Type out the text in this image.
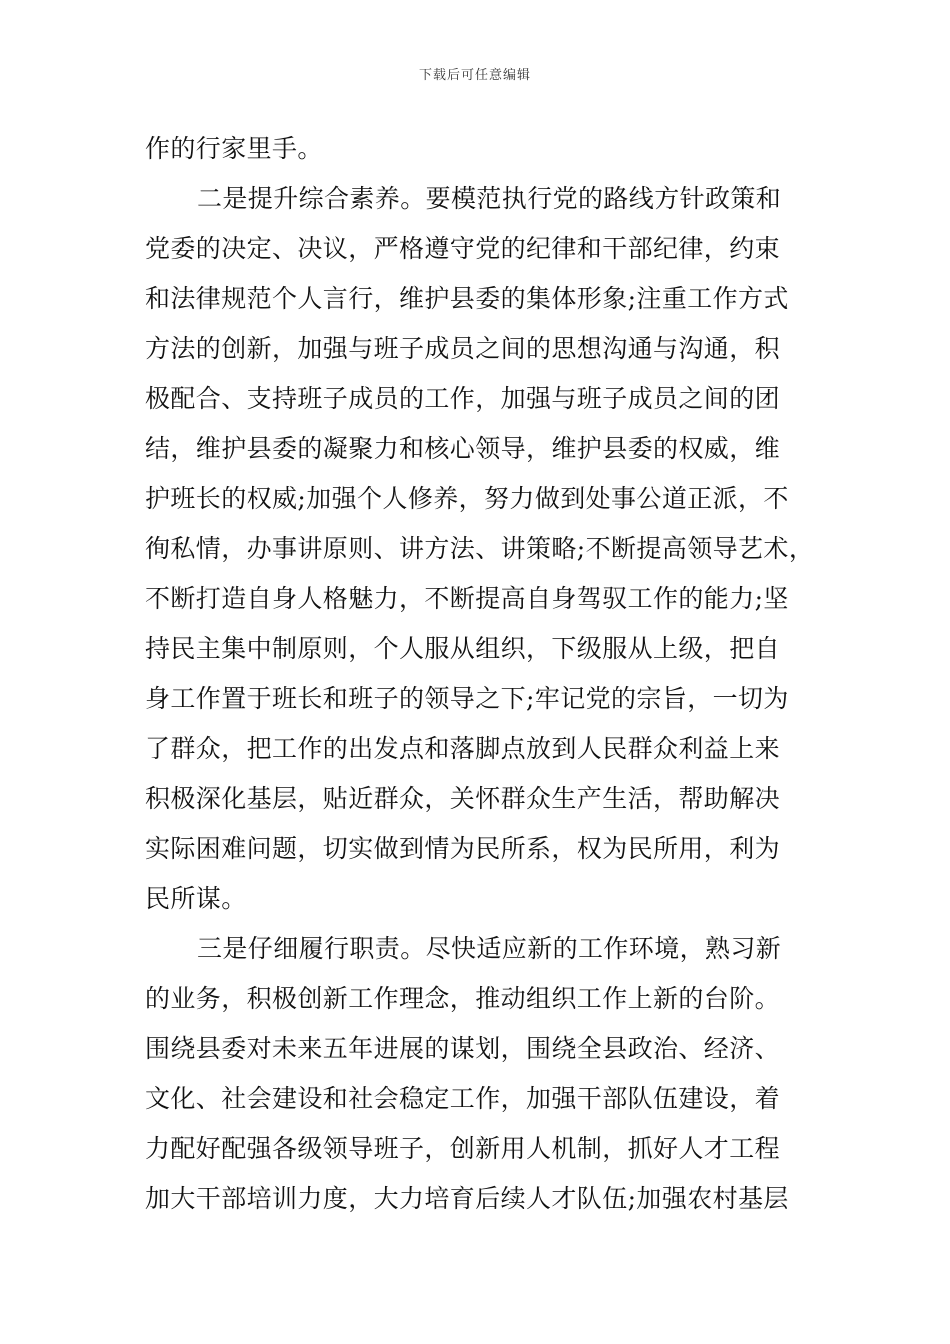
下载后可任意编辑
作的行家里手。
二是提升综合素养。要模范执行党的路线方针政策和
党委的决定、决议，严格遵守党的纪律和干部纪律，约束
和法律规范个人言行，维护县委的集体形象;注重工作方式
方法的创新，加强与班子成员之间的思想沟通与沟通，积
极配合、支持班子成员的工作，加强与班子成员之间的团
结，维护县委的凝聚力和核心领导，维护县委的权威，维
护班长的权威;加强个人修养，努力做到处事公道正派，不
徇私情，办事讲原则、讲方法、讲策略;不断提高领导艺术，
不断打造自身人格魅力，不断提高自身驾驭工作的能力;坚
持民主集中制原则，个人服从组织，下级服从上级，把自
身工作置于班长和班子的领导之下;牢记党的宗旨，一切为
了群众，把工作的出发点和落脚点放到人民群众利益上来
积极深化基层，贴近群众，关怀群众生产生活，帮助解决
实际困难问题，切实做到情为民所系，权为民所用，利为
民所谋。
三是仔细履行职责。尽快适应新的工作环境，熟习新
的业务，积极创新工作理念，推动组织工作上新的台阶。
围绕县委对未来五年进展的谋划，围绕全县政治、经济、
文化、社会建设和社会稳定工作，加强干部队伍建设，着
力配好配强各级领导班子，创新用人机制，抓好人才工程
加大干部培训力度，大力培育后续人才队伍;加强农村基层
